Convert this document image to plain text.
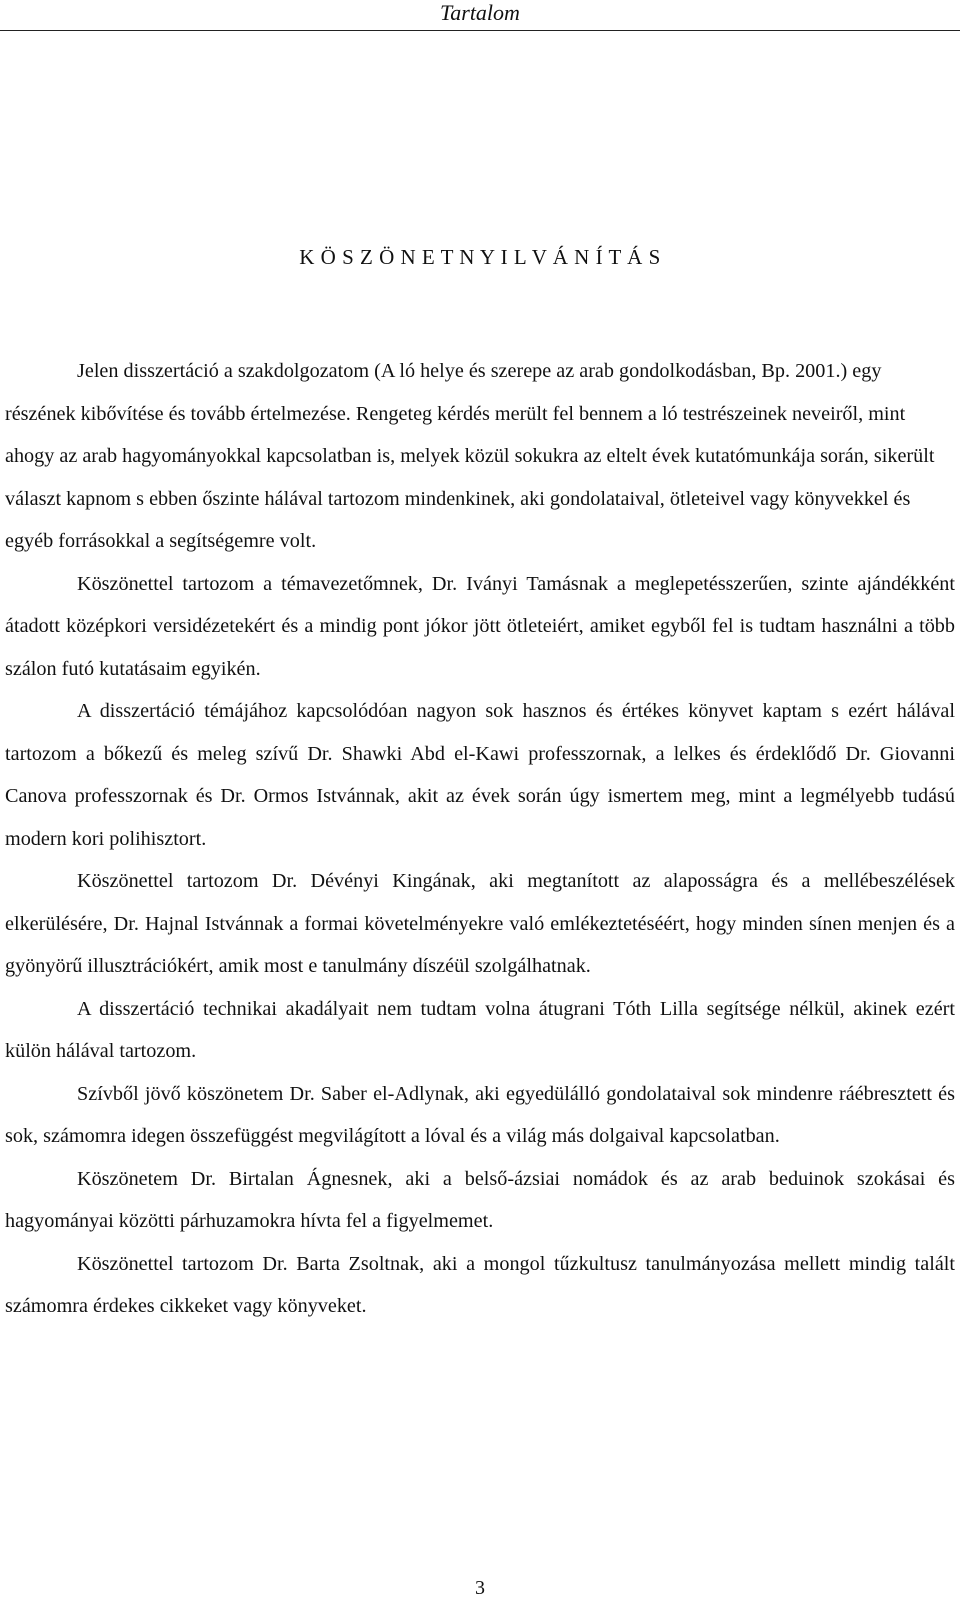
Tartalom
K Ö S Z Ö N E T N Y I L V Á N Í T Á S

Jelen disszertáció a szakdolgozatom (A ló helye és szerepe az arab gondolkodásban, Bp. 2001.) egy részének kibővítése és tovább értelmezése. Rengeteg kérdés merült fel bennem a ló testrészeinek neveiről, mint ahogy az arab hagyományokkal kapcsolatban is, melyek közül sokukra az eltelt évek kutatómunkája során, sikerült választ kapnom s ebben őszinte hálával tartozom mindenkinek, aki gondolataival, ötleteivel vagy könyvekkel és egyéb forrásokkal a segítségemre volt.

Köszönettel tartozom a témavezetőmnek, Dr. Iványi Tamásnak a meglepetésszerűen, szinte ajándékként átadott középkori versidézetekért és a mindig pont jókor jött ötleteiért, amiket egyből fel is tudtam használni a több szálon futó kutatásaim egyikén.

A disszertáció témájához kapcsolódóan nagyon sok hasznos és értékes könyvet kaptam s ezért hálával tartozom a bőkezű és meleg szívű Dr. Shawki Abd el-Kawi professzornak, a lelkes és érdeklődő Dr. Giovanni Canova professzornak és Dr. Ormos Istvánnak, akit az évek során úgy ismertem meg, mint a legmélyebb tudású modern kori polihisztort.

Köszönettel tartozom Dr. Dévényi Kingának, aki megtanított az alaposságra és a mellébeszélések elkerülésére, Dr. Hajnal Istvánnak a formai követelményekre való emlékeztetéséért, hogy minden sínen menjen és a gyönyörű illusztrációkért, amik most e tanulmány díszéül szolgálhatnak.

A disszertáció technikai akadályait nem tudtam volna átugrani Tóth Lilla segítsége nélkül, akinek ezért külön hálával tartozom.

Szívből jövő köszönetem Dr. Saber el-Adlynak, aki egyedülálló gondolataival sok mindenre ráébresztett és sok, számomra idegen összefüggést megvilágított a lóval és a világ más dolgaival kapcsolatban.

Köszönetem Dr. Birtalan Ágnesnek, aki a belső-ázsiai nomádok és az arab beduinok szokásai és hagyományai közötti párhuzamokra hívta fel a figyelmemet.

Köszönettel tartozom Dr. Barta Zsoltnak, aki a mongol tűzkultusz tanulmányozása mellett mindig talált számomra érdekes cikkeket vagy könyveket.

3
